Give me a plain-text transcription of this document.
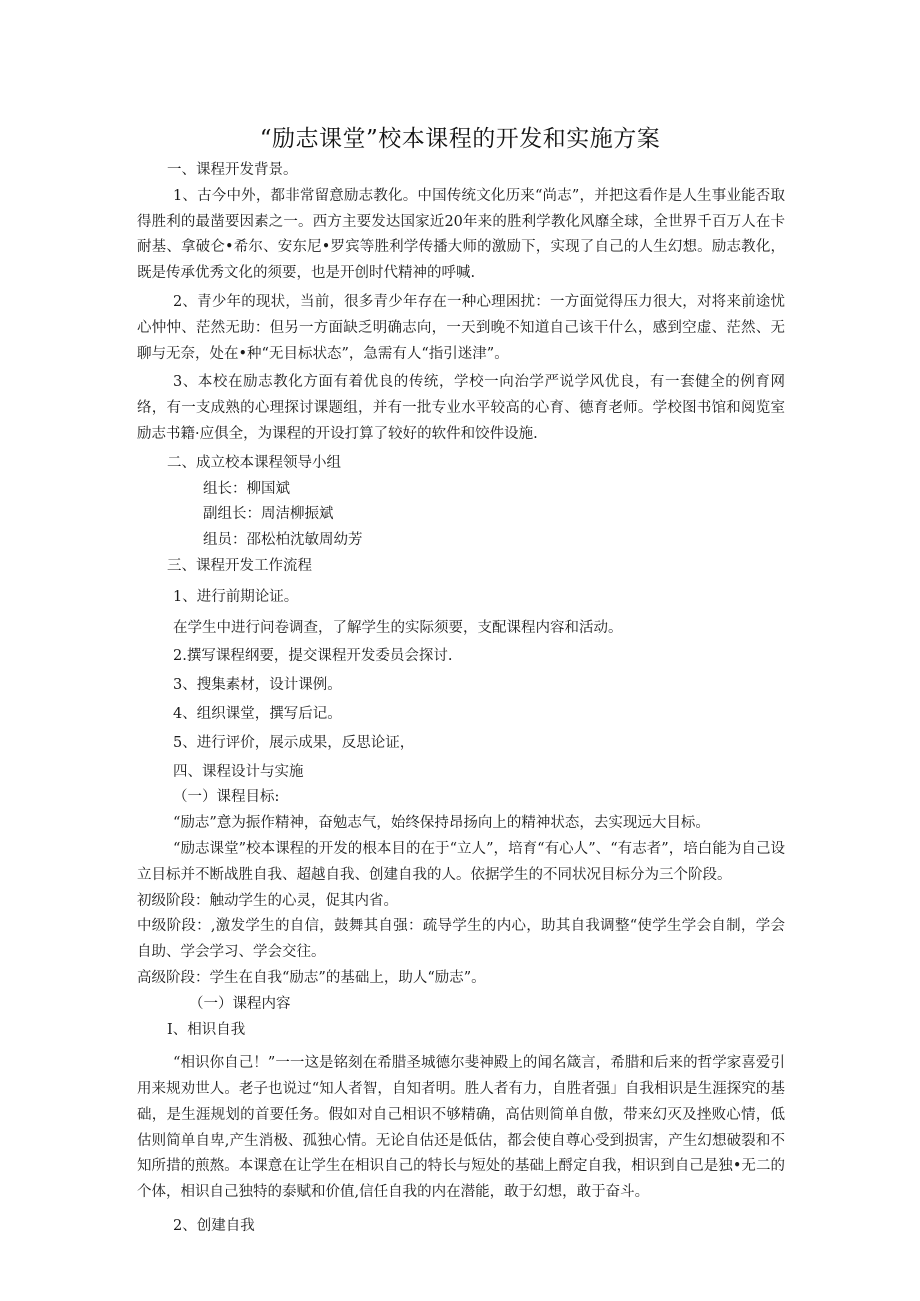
“励志课堂”校本课程的开发和实施方案

一、课程开发背景。

1、古今中外，都非常留意励志教化。中国传统文化历来“尚志”，并把这看作是人生事业能否取得胜利的最凿要因素之一。西方主要发达国家近20年来的胜利学教化风靡全球，全世界千百万人在卡耐基、拿破仑•希尔、安东尼•罗宾等胜利学传播大师的激励下，实现了自己的人生幻想。励志教化，既是传承优秀文化的须要，也是开创时代精神的呼喊.

2、青少年的现状，当前，很多青少年存在一种心理困扰：一方面觉得压力很大，对将来前途忧心忡忡、茫然无助：但另一方面缺乏明确志向，一天到晚不知道自己该干什么，感到空虚、茫然、无聊与无奈，处在•种“无目标状态”，急需有人“指引迷津”。

3、本校在励志教化方面有着优良的传统，学校一向治学严说学风优良，有一套健全的例育网络，有一支成熟的心理探讨课题组，并有一批专业水平较高的心育、德育老师。学校图书馆和阅览室励志书籍·应俱全，为课程的开设打算了较好的软件和饺件设施.

二、成立校本课程领导小组

组长：柳国斌

副组长：周洁柳振斌

组员：邵松柏沈敏周幼芳

三、课程开发工作流程

1、进行前期论证。

在学生中进行问卷调查，了解学生的实际须要，支配课程内容和活动。

2.撰写课程纲要，提交课程开发委员会探讨.

3、搜集素材，设计课例。

4、组织课堂，撰写后记。

5、进行评价，展示成果，反思论证，

四、课程设计与实施

（一）课程目标:

“励志”意为振作精神，奋勉志气，始终保持昂扬向上的精神状态，去实现远大目标。

“励志课堂”校本课程的开发的根本目的在于“立人”，培育“有心人”、“有志者”，培白能为自己设立目标并不断战胜自我、超越自我、创建自我的人。依据学生的不同状况目标分为三个阶段。

初级阶段：触动学生的心灵，促其内省。

中级阶段：,激发学生的自信，鼓舞其自强：疏导学生的内心，助其自我调整“使学生学会自制，学会自助、学会学习、学会交往。

高级阶段：学生在自我“励志”的基础上，助人“励志”。

（一）课程内容

I、相识自我

“相识你自己！”一一这是铭刻在希腊圣城德尔斐神殿上的闻名箴言，希腊和后来的哲学家喜爱引用来规劝世人。老子也说过“知人者智，自知者明。胜人者有力，自胜者强」自我相识是生涯探究的基础，是生涯规划的首要任务。假如对自己相识不够精确，高估则简单自傲，带来幻灭及挫败心情，低估则简单自卑,产生消极、孤独心情。无论自估还是低估，都会使自尊心受到损害，产生幻想破裂和不知所措的煎熬。本课意在让学生在相识自己的特长与短处的基础上酹定自我，相识到自己是独•无二的个体，相识自己独特的泰赋和价值,信任自我的内在潜能，敢于幻想，敢于奋斗。

2、创建自我
